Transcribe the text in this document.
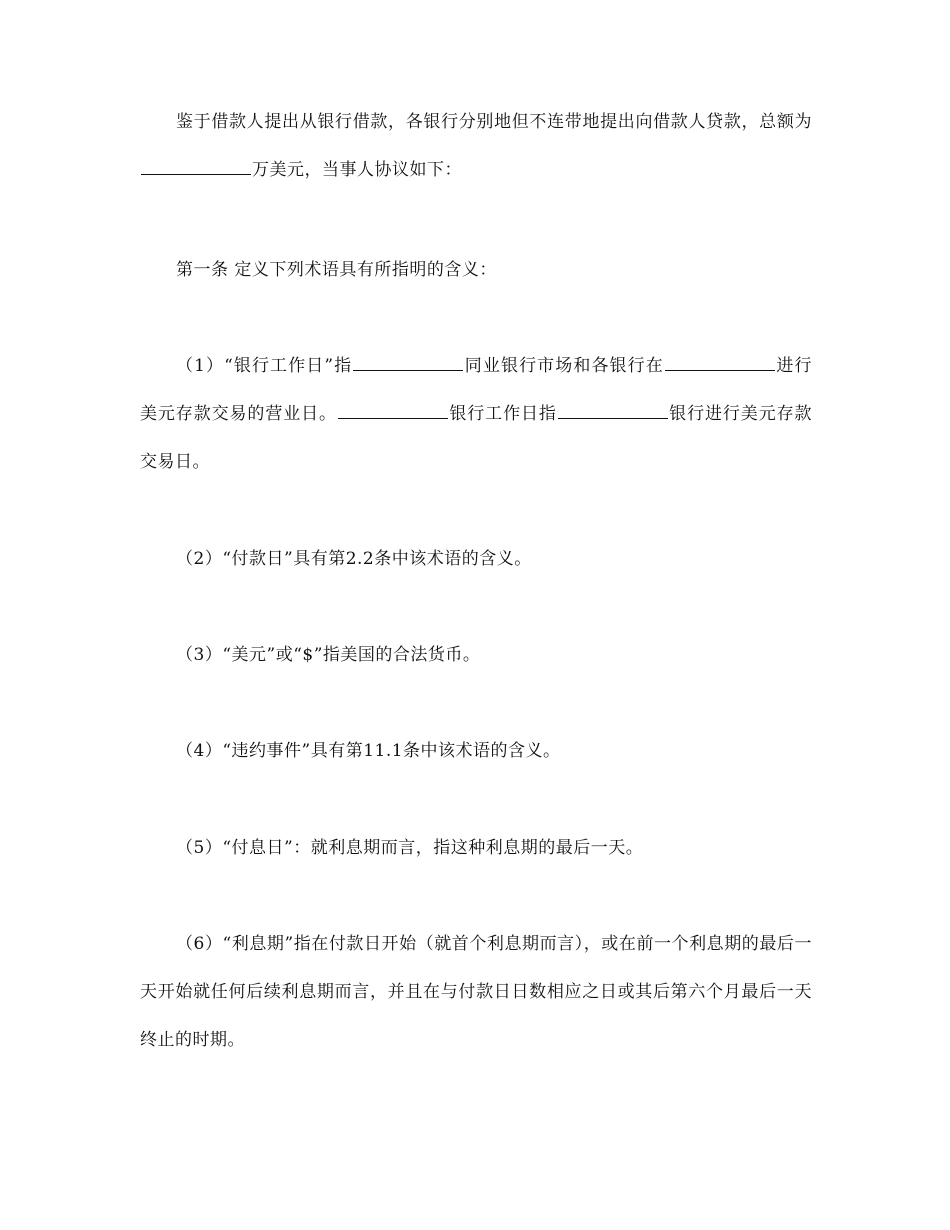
鉴于借款人提出从银行借款，各银行分别地但不连带地提出向借款人贷款，总额为万美元，当事人协议如下：

第一条 定义下列术语具有所指明的含义：

（1）“银行工作日”指	同业银行市场和各银行在	进行美元存款交易的营业日。	银行工作日指	银行进行美元存款交易日。

（2）“付款日”具有第2.2条中该术语的含义。

（3）“美元”或“$”指美国的合法货币。

（4）“违约事件”具有第11.1条中该术语的含义。

（5）“付息日”：就利息期而言，指这种利息期的最后一天。

（6）“利息期”指在付款日开始（就首个利息期而言），或在前一个利息期的最后一天开始就任何后续利息期而言，并且在与付款日日数相应之日或其后第六个月最后一天终止的时期。
